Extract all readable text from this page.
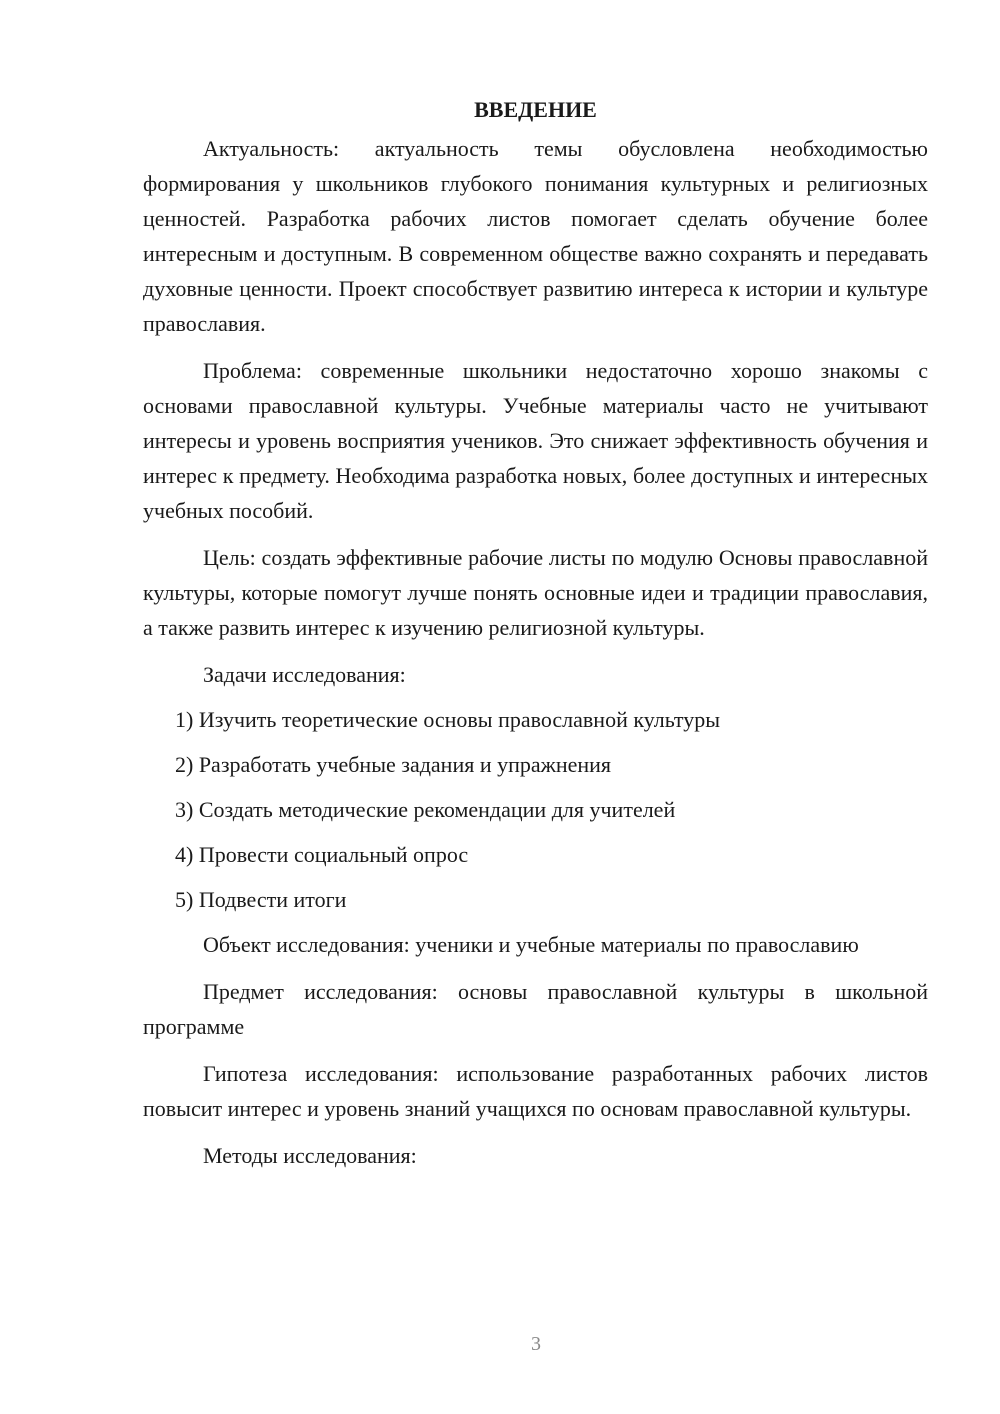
ВВЕДЕНИЕ

Актуальность: актуальность темы обусловлена необходимостью формирования у школьников глубокого понимания культурных и религиозных ценностей. Разработка рабочих листов помогает сделать обучение более интересным и доступным. В современном обществе важно сохранять и передавать духовные ценности. Проект способствует развитию интереса к истории и культуре православия.

Проблема: современные школьники недостаточно хорошо знакомы с основами православной культуры. Учебные материалы часто не учитывают интересы и уровень восприятия учеников. Это снижает эффективность обучения и интерес к предмету. Необходима разработка новых, более доступных и интересных учебных пособий.

Цель: создать эффективные рабочие листы по модулю Основы православной культуры, которые помогут лучше понять основные идеи и традиции православия, а также развить интерес к изучению религиозной культуры.

Задачи исследования:

1) Изучить теоретические основы православной культуры
2) Разработать учебные задания и упражнения
3) Создать методические рекомендации для учителей
4) Провести социальный опрос
5) Подвести итоги

Объект исследования: ученики и учебные материалы по православию

Предмет исследования: основы православной культуры в школьной программе

Гипотеза исследования: использование разработанных рабочих листов повысит интерес и уровень знаний учащихся по основам православной культуры.

Методы исследования:

3
